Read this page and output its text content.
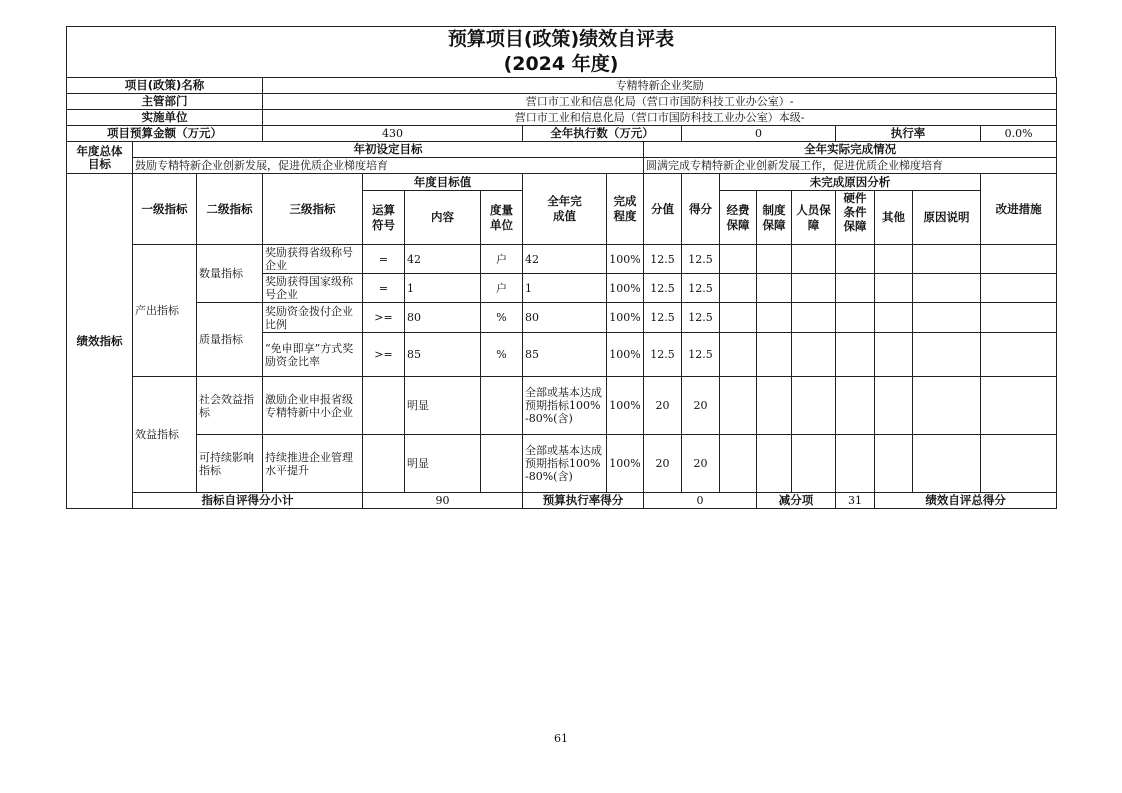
预算项目(政策)绩效自评表
(2024 年度)
项目(政策)名称			专精特新企业奖励															
主管部门			营口市工业和信息化局（营口市国防科技工业办公室）-															
实施单位			营口市工业和信息化局（营口市国防科技工业办公室）本级-															
项目预算金额（万元）			430				全年执行数（万元）			0				执行率			0.0%	
年度总体
目标	年初设定目标								全年实际完成情况									
	鼓励专精特新企业创新发展，促进优质企业梯度培育								圆满完成专精特新企业创新发展工作，促进优质企业梯度培育									
绩效指标	一级指标	二级指标	三级指标	年度目标值			全年完成值	完成程度	分值	得分	未完成原因分析						改进措施	
				运算符号	内容	度量单位					经费保障	制度保障	人员保障	硬件条件保障	其他	原因说明		
	产出指标	数量指标	奖励获得省级称号企业	=	42	户	42	100%	12.5	12.5								
			奖励获得国家级称号企业	=	1	户	1	100%	12.5	12.5								
		质量指标	奖励资金拨付企业比例	>=	80	%	80	100%	12.5	12.5								
			“免申即享”方式奖励资金比率	>=	85	%	85	100%	12.5	12.5								
	效益指标	社会效益指标	激励企业申报省级专精特新中小企业		明显		全部或基本达成预期指标100%-80%(含)	100%	20	20								
		可持续影响指标	持续推进企业管理水平提升		明显		全部或基本达成预期指标100%-80%(含)	100%	20	20								
	指标自评得分小计			90			预算执行率得分		0			减分项		31	绩效自评总得分	
61
